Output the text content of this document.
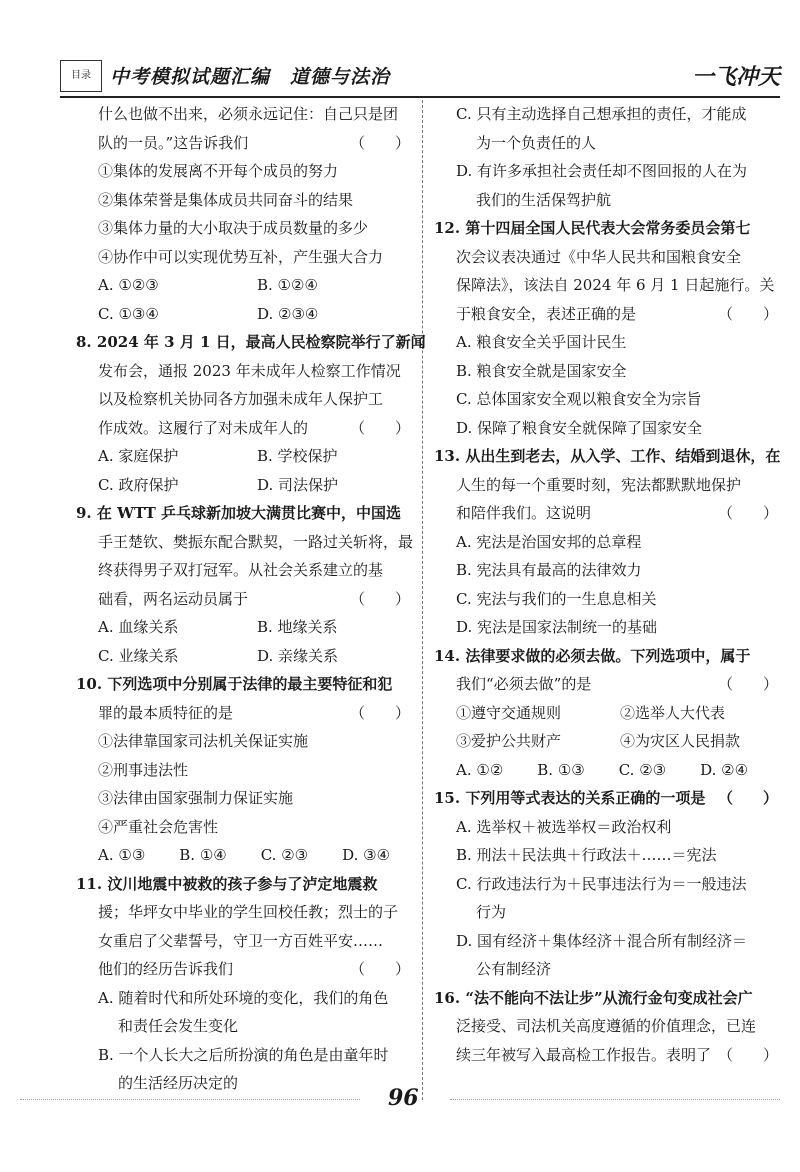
目录	中考模拟试题汇编　道德与法治	一飞冲天
什么也做不出来，必须永远记住：自己只是团
队的一员。”这告诉我们	（　　）
①集体的发展离不开每个成员的努力
②集体荣誉是集体成员共同奋斗的结果
③集体力量的大小取决于成员数量的多少
④协作中可以实现优势互补，产生强大合力
A. ①②③	B. ①②④
C. ①③④	D. ②③④
8. 2024 年 3 月 1 日，最高人民检察院举行了新闻
发布会，通报 2023 年未成年人检察工作情况
以及检察机关协同各方加强未成年人保护工
作成效。这履行了对未成年人的	（　　）
A. 家庭保护	B. 学校保护
C. 政府保护	D. 司法保护
9. 在 WTT 乒乓球新加坡大满贯比赛中，中国选
手王楚钦、樊振东配合默契，一路过关斩将，最
终获得男子双打冠军。从社会关系建立的基
础看，两名运动员属于	（　　）
A. 血缘关系	B. 地缘关系
C. 业缘关系	D. 亲缘关系
10. 下列选项中分别属于法律的最主要特征和犯
罪的最本质特征的是	（　　）
①法律靠国家司法机关保证实施
②刑事违法性
③法律由国家强制力保证实施
④严重社会危害性
A. ①③ B. ①④ C. ②③ D. ③④
11. 汶川地震中被救的孩子参与了泸定地震救
援；华坪女中毕业的学生回校任教；烈士的子
女重启了父辈誓号，守卫一方百姓平安……
他们的经历告诉我们	（　　）
A. 随着时代和所处环境的变化，我们的角色
和责任会发生变化
B. 一个人长大之后所扮演的角色是由童年时
的生活经历决定的
C. 只有主动选择自己想承担的责任，才能成
为一个负责任的人
D. 有许多承担社会责任却不图回报的人在为
我们的生活保驾护航
12. 第十四届全国人民代表大会常务委员会第七
次会议表决通过《中华人民共和国粮食安全
保障法》，该法自 2024 年 6 月 1 日起施行。关
于粮食安全，表述正确的是	（　　）
A. 粮食安全关乎国计民生
B. 粮食安全就是国家安全
C. 总体国家安全观以粮食安全为宗旨
D. 保障了粮食安全就保障了国家安全
13. 从出生到老去，从入学、工作、结婚到退休，在
人生的每一个重要时刻，宪法都默默地保护
和陪伴我们。这说明	（　　）
A. 宪法是治国安邦的总章程
B. 宪法具有最高的法律效力
C. 宪法与我们的一生息息相关
D. 宪法是国家法制统一的基础
14. 法律要求做的必须去做。下列选项中，属于
我们“必须去做”的是	（　　）
①遵守交通规则	②选举人大代表
③爱护公共财产	④为灾区人民捐款
A. ①② B. ①③ C. ②③ D. ②④
15. 下列用等式表达的关系正确的一项是 （　　）
A. 选举权＋被选举权＝政治权利
B. 刑法＋民法典＋行政法＋……＝宪法
C. 行政违法行为＋民事违法行为＝一般违法
行为
D. 国有经济＋集体经济＋混合所有制经济＝
公有制经济
16. “法不能向不法让步”从流行金句变成社会广
泛接受、司法机关高度遵循的价值理念，已连
续三年被写入最高检工作报告。表明了 （　　）
96
